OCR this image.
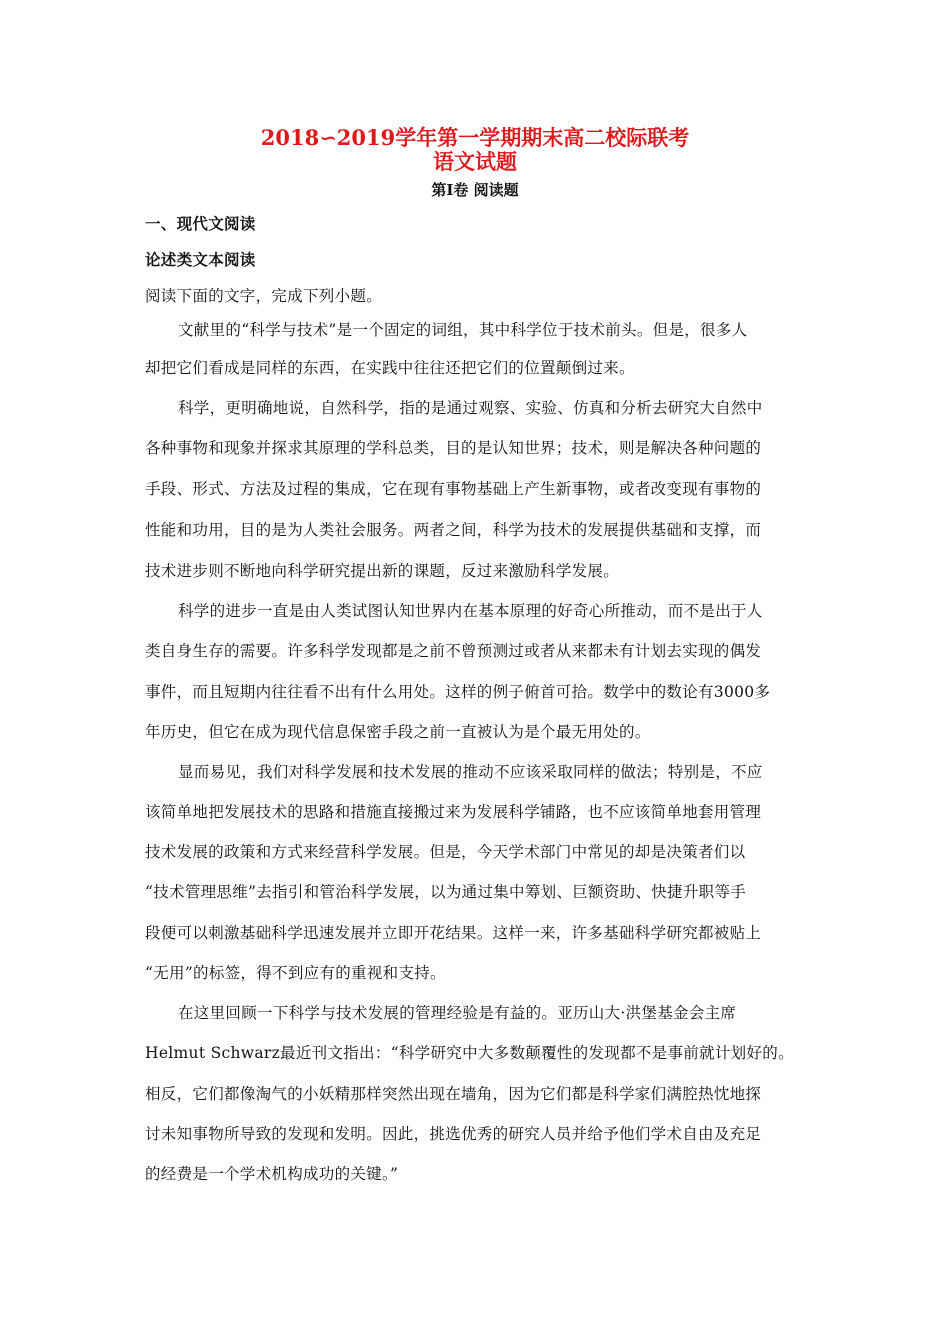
2018∽2019学年第一学期期末高二校际联考
语文试题
第Ⅰ卷 阅读题
一、现代文阅读
论述类文本阅读
阅读下面的文字，完成下列小题。
文献里的“科学与技术”是一个固定的词组，其中科学位于技术前头。但是，很多人
却把它们看成是同样的东西，在实践中往往还把它们的位置颠倒过来。
科学，更明确地说，自然科学，指的是通过观察、实验、仿真和分析去研究大自然中
各种事物和现象并探求其原理的学科总类，目的是认知世界；技术，则是解决各种问题的
手段、形式、方法及过程的集成，它在现有事物基础上产生新事物，或者改变现有事物的
性能和功用，目的是为人类社会服务。两者之间，科学为技术的发展提供基础和支撑，而
技术进步则不断地向科学研究提出新的课题，反过来激励科学发展。
科学的进步一直是由人类试图认知世界内在基本原理的好奇心所推动，而不是出于人
类自身生存的需要。许多科学发现都是之前不曾预测过或者从来都未有计划去实现的偶发
事件，而且短期内往往看不出有什么用处。这样的例子俯首可拾。数学中的数论有3000多
年历史，但它在成为现代信息保密手段之前一直被认为是个最无用处的。
显而易见，我们对科学发展和技术发展的推动不应该采取同样的做法；特别是，不应
该简单地把发展技术的思路和措施直接搬过来为发展科学铺路，也不应该简单地套用管理
技术发展的政策和方式来经营科学发展。但是，今天学术部门中常见的却是决策者们以
“技术管理思维”去指引和管治科学发展，以为通过集中筹划、巨额资助、快捷升职等手
段便可以刺激基础科学迅速发展并立即开花结果。这样一来，许多基础科学研究都被贴上
“无用”的标签，得不到应有的重视和支持。
在这里回顾一下科学与技术发展的管理经验是有益的。亚历山大·洪堡基金会主席
Helmut Schwarz最近刊文指出：“科学研究中大多数颠覆性的发现都不是事前就计划好的。
相反，它们都像淘气的小妖精那样突然出现在墙角，因为它们都是科学家们满腔热忱地探
讨未知事物所导致的发现和发明。因此，挑选优秀的研究人员并给予他们学术自由及充足
的经费是一个学术机构成功的关键。”
